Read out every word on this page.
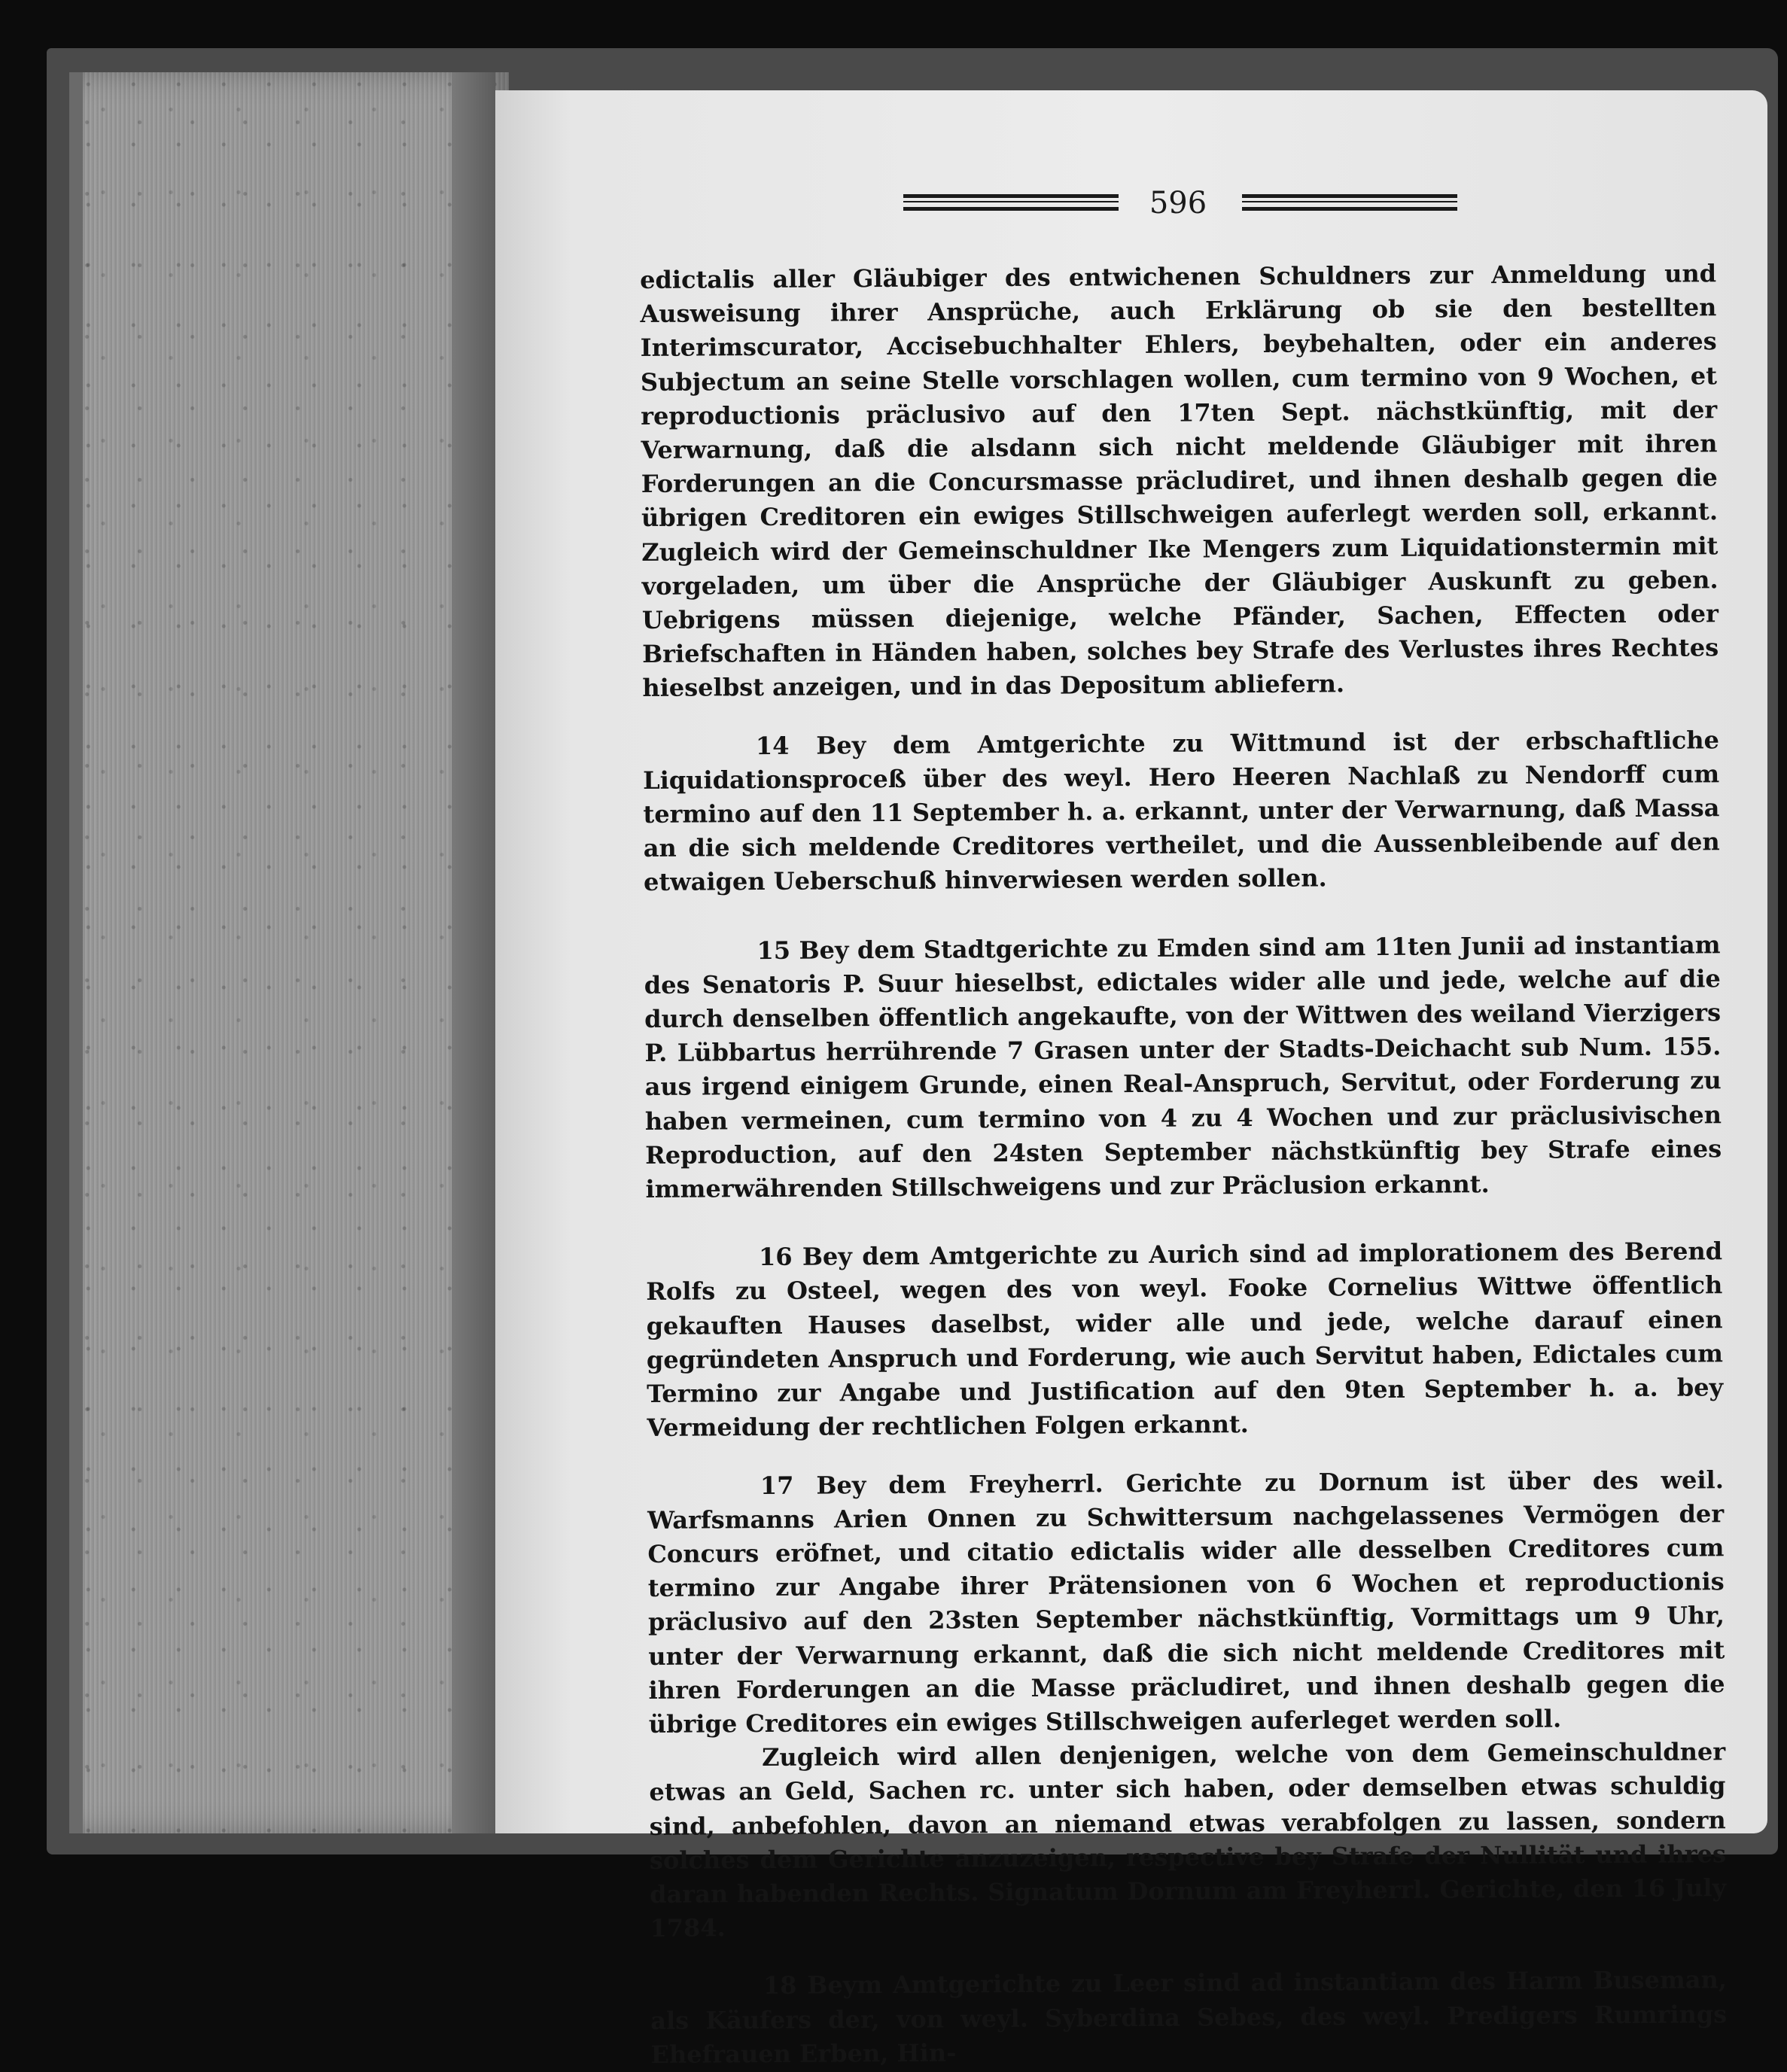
596

edictalis aller Gläubiger des entwichenen Schuldners zur Anmeldung und Ausweisung ihrer Ansprüche, auch Erklärung ob sie den bestellten Interimscurator, Accisebuchhalter Ehlers, beybehalten, oder ein anderes Subjectum an seine Stelle vorschlagen wollen, cum termino von 9 Wochen, et reproductionis präclusivo auf den 17ten Sept. nächstkünftig, mit der Verwarnung, daß die alsdann sich nicht meldende Gläubiger mit ihren Forderungen an die Concursmasse präcludiret, und ihnen deshalb gegen die übrigen Creditoren ein ewiges Stillschweigen auferlegt werden soll, erkannt. Zugleich wird der Gemeinschuldner Ike Mengers zum Liquidationstermin mit vorgeladen, um über die Ansprüche der Gläubiger Auskunft zu geben. Uebrigens müssen diejenige, welche Pfänder, Sachen, Effecten oder Briefschaften in Händen haben, solches bey Strafe des Verlustes ihres Rechtes hieselbst anzeigen, und in das Depositum abliefern.

14 Bey dem Amtgerichte zu Wittmund ist der erbschaftliche Liquidationsproceß über des weyl. Hero Heeren Nachlaß zu Nendorff cum termino auf den 11 September h. a. erkannt, unter der Verwarnung, daß Massa an die sich meldende Creditores vertheilet, und die Aussenbleibende auf den etwaigen Ueberschuß hinverwiesen werden sollen.

15 Bey dem Stadtgerichte zu Emden sind am 11ten Junii ad instantiam des Senatoris P. Suur hieselbst, edictales wider alle und jede, welche auf die durch denselben öffentlich angekaufte, von der Wittwen des weiland Vierzigers P. Lübbartus herrührende 7 Grasen unter der Stadts-Deichacht sub Num. 155. aus irgend einigem Grunde, einen Real-Anspruch, Servitut, oder Forderung zu haben vermeinen, cum termino von 4 zu 4 Wochen und zur präclusivischen Reproduction, auf den 24sten September nächstkünftig bey Strafe eines immerwährenden Stillschweigens und zur Präclusion erkannt.

16 Bey dem Amtgerichte zu Aurich sind ad implorationem des Berend Rolfs zu Osteel, wegen des von weyl. Fooke Cornelius Wittwe öffentlich gekauften Hauses daselbst, wider alle und jede, welche darauf einen gegründeten Anspruch und Forderung, wie auch Servitut haben, Edictales cum Termino zur Angabe und Justification auf den 9ten September h. a. bey Vermeidung der rechtlichen Folgen erkannt.

17 Bey dem Freyherrl. Gerichte zu Dornum ist über des weil. Warfsmanns Arien Onnen zu Schwittersum nachgelassenes Vermögen der Concurs eröfnet, und citatio edictalis wider alle desselben Creditores cum termino zur Angabe ihrer Prätensionen von 6 Wochen et reproductionis präclusivo auf den 23sten September nächstkünftig, Vormittags um 9 Uhr, unter der Verwarnung erkannt, daß die sich nicht meldende Creditores mit ihren Forderungen an die Masse präcludiret, und ihnen deshalb gegen die übrige Creditores ein ewiges Stillschweigen auferleget werden soll.

Zugleich wird allen denjenigen, welche von dem Gemeinschuldner etwas an Geld, Sachen rc. unter sich haben, oder demselben etwas schuldig sind, anbefohlen, davon an niemand etwas verabfolgen zu lassen, sondern solches dem Gerichte anzuzeigen, respective bey Strafe der Nullität und ihres daran habenden Rechts. Signatum Dornum am Freyherrl. Gerichte, den 16 July 1784.

18 Beym Amtgerichte zu Leer sind ad instantiam des Harm Buseman, als Käufers der, von weyl. Syberdina Sebes, des weyl. Predigers Rumrings Ehefrauen Erben, Hin-
